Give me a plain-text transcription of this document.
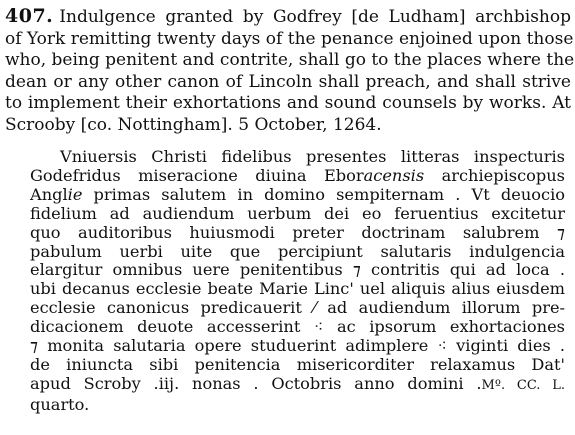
407. Indulgence granted by Godfrey [de Ludham] archbishop
of York remitting twenty days of the penance enjoined upon those
who, being penitent and contrite, shall go to the places where the
dean or any other canon of Lincoln shall preach, and shall strive
to implement their exhortations and sound counsels by works. At
Scrooby [co. Nottingham]. 5 October, 1264.
Vniuersis Christi fidelibus presentes litteras inspecturis
Godefridus miseracione diuina Eboracensis archiepiscopus
Anglie primas salutem in domino sempiternam . Vt deuocio
fidelium ad audiendum uerbum dei eo feruentius excitetur
quo auditoribus huiusmodi preter doctrinam salubrem ⁊
pabulum uerbi uite que percipiunt salutaris indulgencia
elargitur omnibus uere penitentibus ⁊ contritis qui ad loca .
ubi decanus ecclesie beate Marie Linc' uel aliquis alius eiusdem
ecclesie canonicus predicauerit ⁄ ad audiendum illorum pre-
dicacionem deuote accesserint ⁖ ac ipsorum exhortaciones
⁊ monita salutaria opere studuerint adimplere ⁖ viginti dies .
de iniuncta sibi penitencia misericorditer relaxamus Dat'
apud Scroby .iij. nonas . Octobris anno domini .Mº. CC. L.
quarto.
